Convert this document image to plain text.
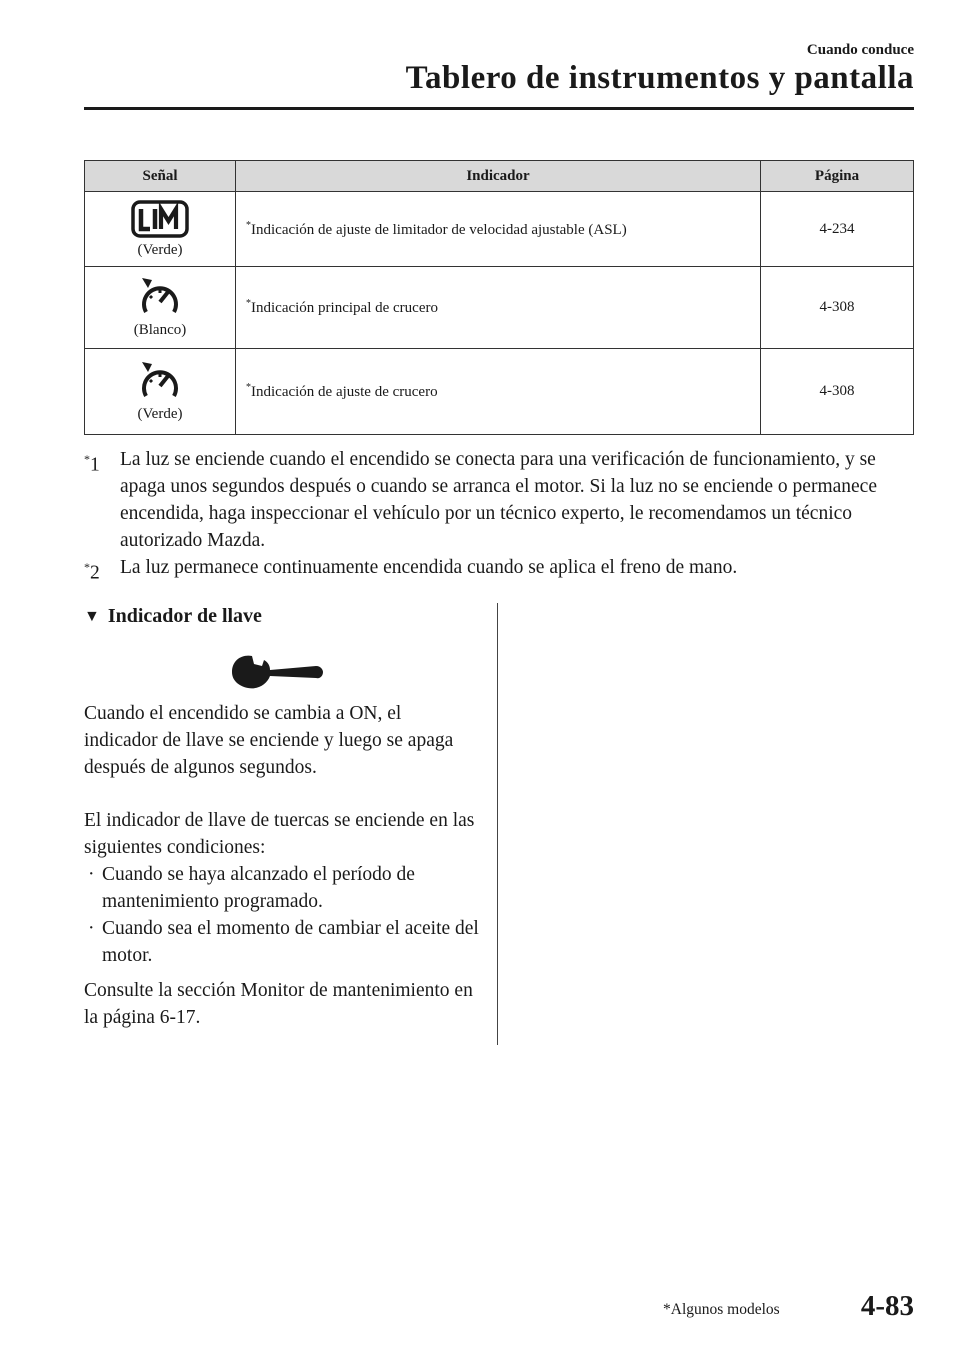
Cuando conduce
Tablero de instrumentos y pantalla
Señal	Indicador	Página

(Verde)	*Indicación de ajuste de limitador de velocidad ajustable (ASL)	4-234

(Blanco)	*Indicación principal de crucero	4-308

(Verde)	*Indicación de ajuste de crucero	4-308
*1 La luz se enciende cuando el encendido se conecta para una verificación de funcionamiento, y se apaga unos segundos después o cuando se arranca el motor. Si la luz no se enciende o permanece encendida, haga inspeccionar el vehículo por un técnico experto, le recomendamos un técnico autorizado Mazda.
*2 La luz permanece continuamente encendida cuando se aplica el freno de mano.
▼ Indicador de llave

Cuando el encendido se cambia a ON, el indicador de llave se enciende y luego se apaga después de algunos segundos.

El indicador de llave de tuercas se enciende en las siguientes condiciones:

· Cuando se haya alcanzado el período de mantenimiento programado.
· Cuando sea el momento de cambiar el aceite del motor.

Consulte la sección Monitor de mantenimiento en la página 6-17.

*Algunos modelos	4-83
